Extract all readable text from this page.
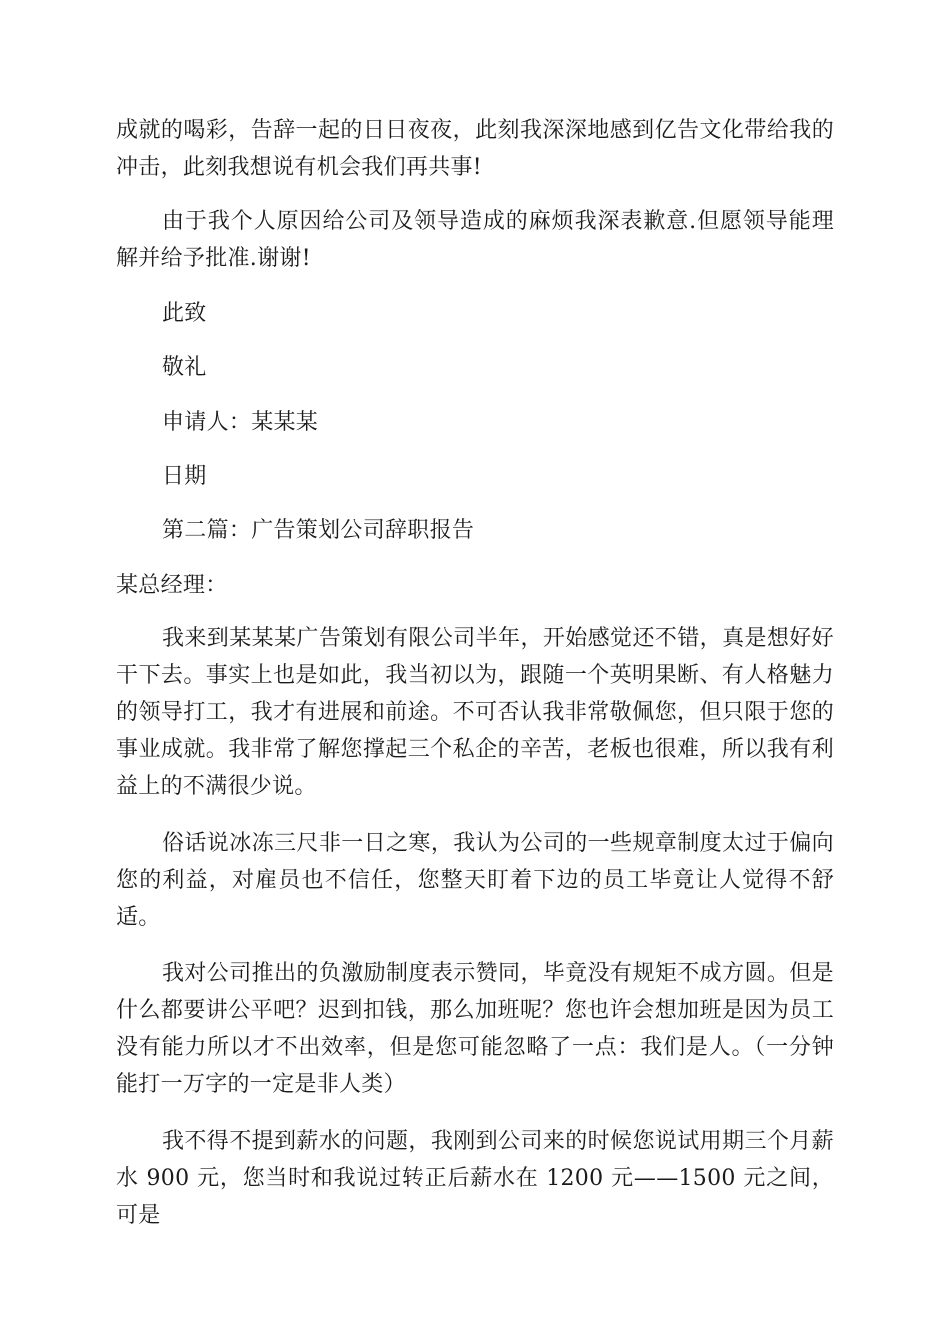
成就的喝彩，告辞一起的日日夜夜，此刻我深深地感到亿告文化带给我的冲击，此刻我想说有机会我们再共事!
由于我个人原因给公司及领导造成的麻烦我深表歉意.但愿领导能理解并给予批准.谢谢!
此致
敬礼
申请人：某某某
日期
第二篇：广告策划公司辞职报告
某总经理：
我来到某某某广告策划有限公司半年，开始感觉还不错，真是想好好干下去。事实上也是如此，我当初以为，跟随一个英明果断、有人格魅力的领导打工，我才有进展和前途。不可否认我非常敬佩您，但只限于您的事业成就。我非常了解您撑起三个私企的辛苦，老板也很难，所以我有利益上的不满很少说。
俗话说冰冻三尺非一日之寒，我认为公司的一些规章制度太过于偏向您的利益，对雇员也不信任，您整天盯着下边的员工毕竟让人觉得不舒适。
我对公司推出的负激励制度表示赞同，毕竟没有规矩不成方圆。但是什么都要讲公平吧？迟到扣钱，那么加班呢？您也许会想加班是因为员工没有能力所以才不出效率，但是您可能忽略了一点：我们是人。（一分钟能打一万字的一定是非人类）
我不得不提到薪水的问题，我刚到公司来的时候您说试用期三个月薪水 900 元，您当时和我说过转正后薪水在 1200 元——1500 元之间，可是
